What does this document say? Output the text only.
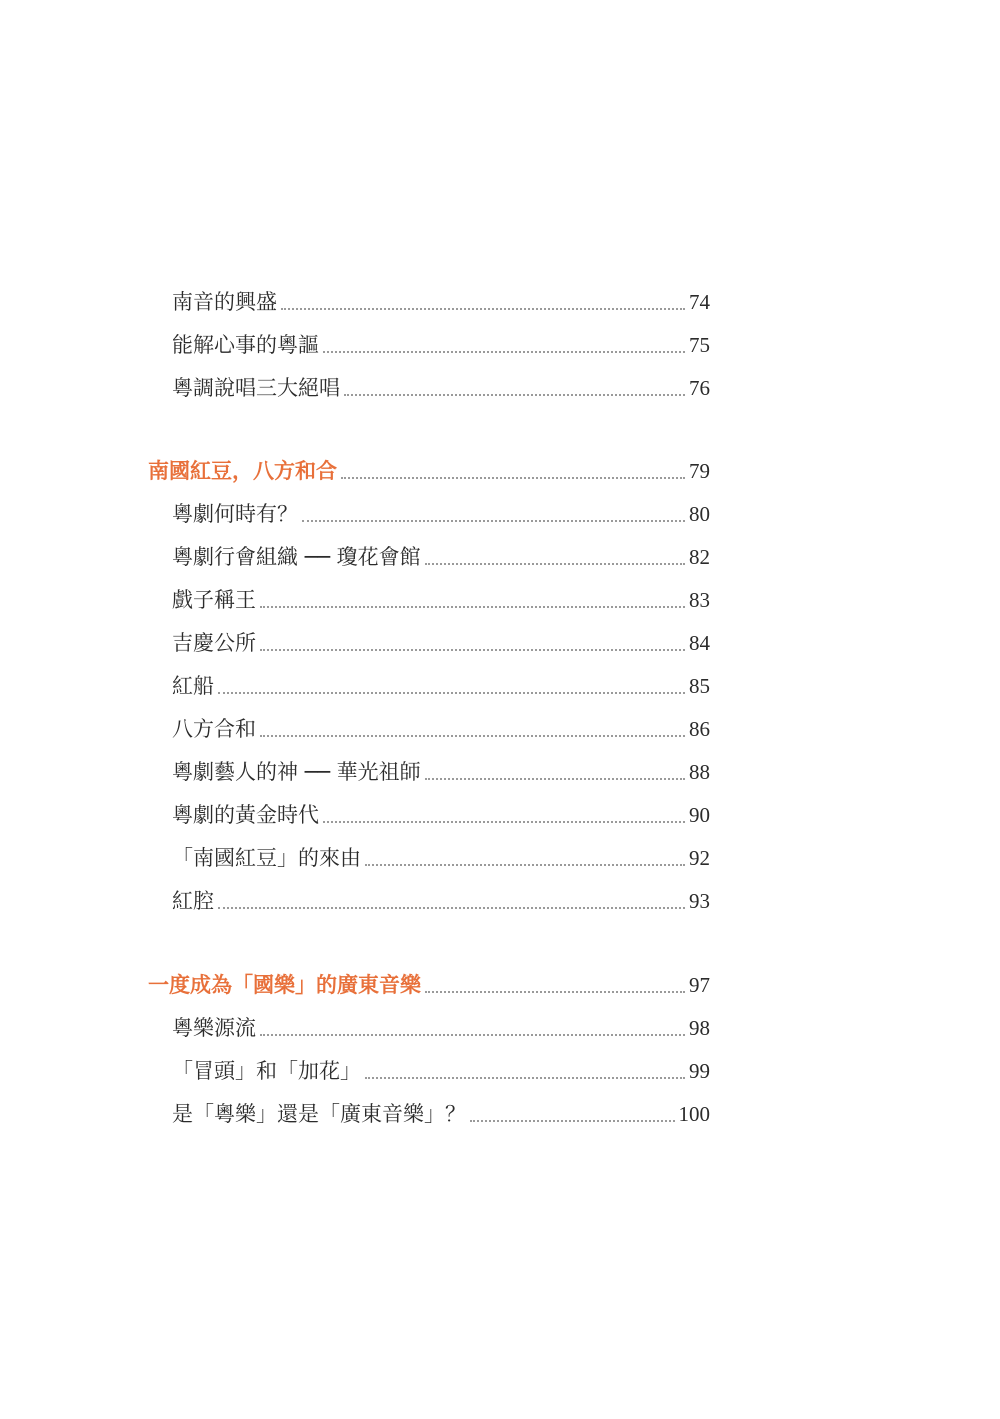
南音的興盛	74
能解心事的粵謳	75
粵調說唱三大絕唱	76
南國紅豆，八方和合	79
粵劇何時有？	80
粵劇行會組織 ── 瓊花會館	82
戲子稱王	83
吉慶公所	84
紅船	85
八方合和	86
粵劇藝人的神 ── 華光祖師	88
粵劇的黃金時代	90
「南國紅豆」的來由	92
紅腔	93
一度成為「國樂」的廣東音樂	97
粵樂源流	98
「冒頭」和「加花」	99
是「粵樂」還是「廣東音樂」？	100
